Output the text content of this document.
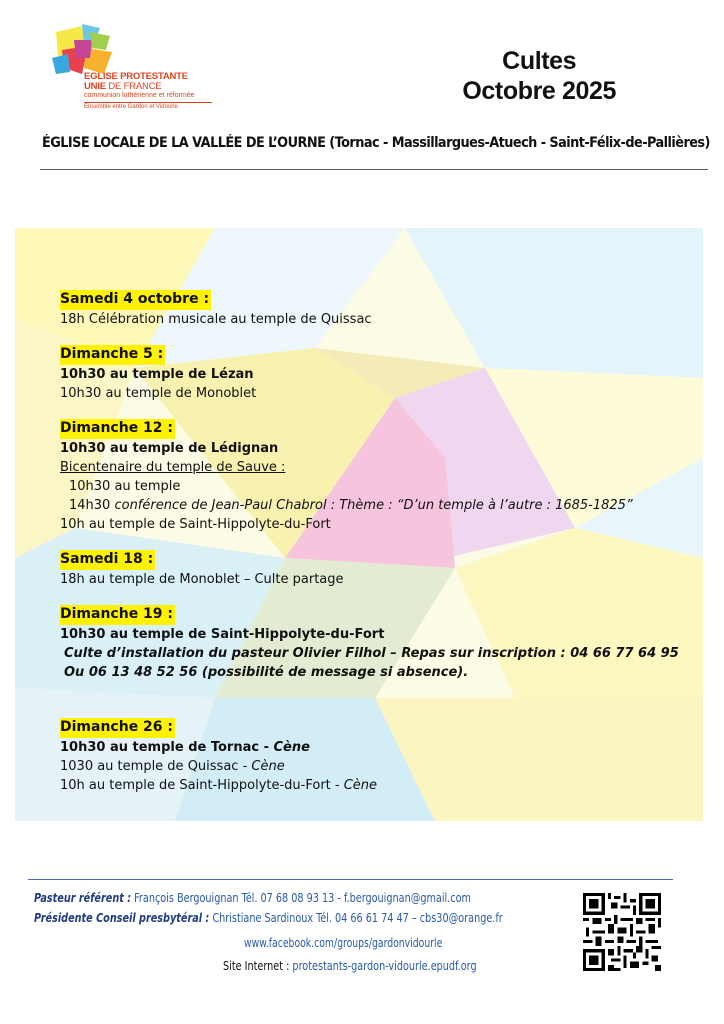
EGLISE PROTESTANTE
UNIE DE FRANCE
communion luthérienne et réformée
Ensemble entre Gardon et Vidourle
Cultes
Octobre 2025
ÉGLISE LOCALE DE LA VALLÉE DE L’OURNE (Tornac - Massillargues-Atuech - Saint-Félix-de-Pallières)
Samedi 4 octobre :
18h Célébration musicale au temple de Quissac
Dimanche 5 :
10h30 au temple de Lézan
10h30 au temple de Monoblet
Dimanche 12 :
10h30 au temple de Lédignan
Bicentenaire du temple de Sauve :
10h30 au temple
14h30 conférence de Jean-Paul Chabrol : Thème : “D’un temple à l’autre : 1685-1825”
10h au temple de Saint-Hippolyte-du-Fort
Samedi 18 :
18h au temple de Monoblet – Culte partage
Dimanche 19 :
10h30 au temple de Saint-Hippolyte-du-Fort
Culte d’installation du pasteur Olivier Filhol – Repas sur inscription : 04 66 77 64 95
Ou 06 13 48 52 56 (possibilité de message si absence).
Dimanche 26 :
10h30 au temple de Tornac - Cène
1030 au temple de Quissac - Cène
10h au temple de Saint-Hippolyte-du-Fort - Cène
Pasteur référent : François Bergouignan Tél. 07 68 08 93 13 - f.bergouignan@gmail.com
Présidente Conseil presbytéral : Christiane Sardinoux Tél. 04 66 61 74 47 – cbs30@orange.fr
www.facebook.com/groups/gardonvidourle
Site Internet : protestants-gardon-vidourle.epudf.org
